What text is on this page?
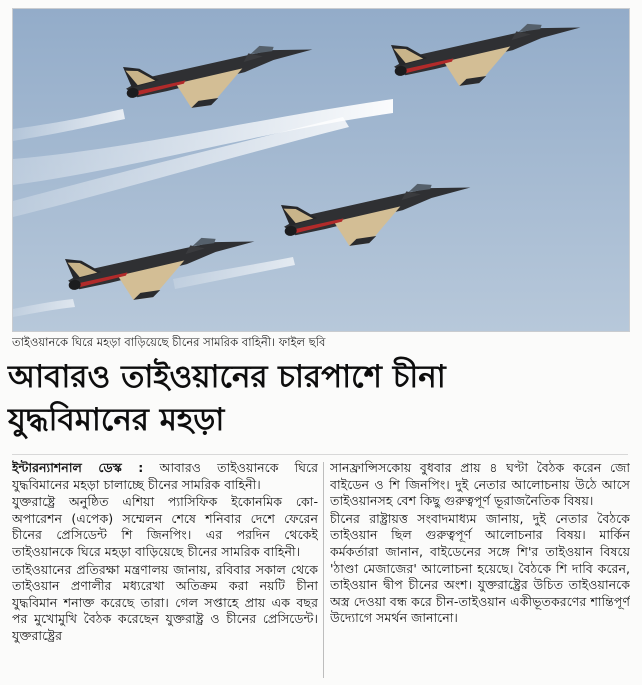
তাইওয়ানকে ঘিরে মহড়া বাড়িয়েছে চীনের সামরিক বাহিনী। ফাইল ছবি
আবারও তাইওয়ানের চারপাশে চীনা
যুদ্ধবিমানের মহড়া

ইন্টারন্যাশনাল ডেস্ক : আবারও তাইওয়ানকে ঘিরে যুদ্ধবিমানের মহড়া চালাচ্ছে চীনের সামরিক বাহিনী।

যুক্তরাষ্ট্রে অনুষ্ঠিত এশিয়া প্যাসিফিক ইকোনমিক কো-অপারেশন (এপেক) সম্মেলন শেষে শনিবার দেশে ফেরেন চীনের প্রেসিডেন্ট শি জিনপিং। এর পরদিন থেকেই তাইওয়ানকে ঘিরে মহড়া বাড়িয়েছে চীনের সামরিক বাহিনী।

তাইওয়ানের প্রতিরক্ষা মন্ত্রণালয় জানায়, রবিবার সকাল থেকে তাইওয়ান প্রণালীর মধ্যরেখা অতিক্রম করা নয়টি চীনা যুদ্ধবিমান শনাক্ত করেছে তারা। গেল সপ্তাহে প্রায় এক বছর পর মুখোমুখি বৈঠক করেছেন যুক্তরাষ্ট্র ও চীনের প্রেসিডেন্ট। যুক্তরাষ্ট্রের

সানফ্রান্সিসকোয় বুধবার প্রায় ৪ ঘণ্টা বৈঠক করেন জো বাইডেন ও শি জিনপিং। দুই নেতার আলোচনায় উঠে আসে তাইওয়ানসহ বেশ কিছু গুরুত্বপূর্ণ ভূরাজনৈতিক বিষয়।

চীনের রাষ্ট্রায়ত্ত সংবাদমাধ্যম জানায়, দুই নেতার বৈঠকে তাইওয়ান ছিল গুরুত্বপূর্ণ আলোচনার বিষয়। মার্কিন কর্মকর্তারা জানান, বাইডেনের সঙ্গে শি'র তাইওয়ান বিষয়ে 'ঠাণ্ডা মেজাজের' আলোচনা হয়েছে। বৈঠকে শি দাবি করেন, তাইওয়ান দ্বীপ চীনের অংশ। যুক্তরাষ্ট্রের উচিত তাইওয়ানকে অস্ত্র দেওয়া বন্ধ করে চীন-তাইওয়ান একীভূতকরণের শান্তিপূর্ণ উদ্যোগে সমর্থন জানানো।
